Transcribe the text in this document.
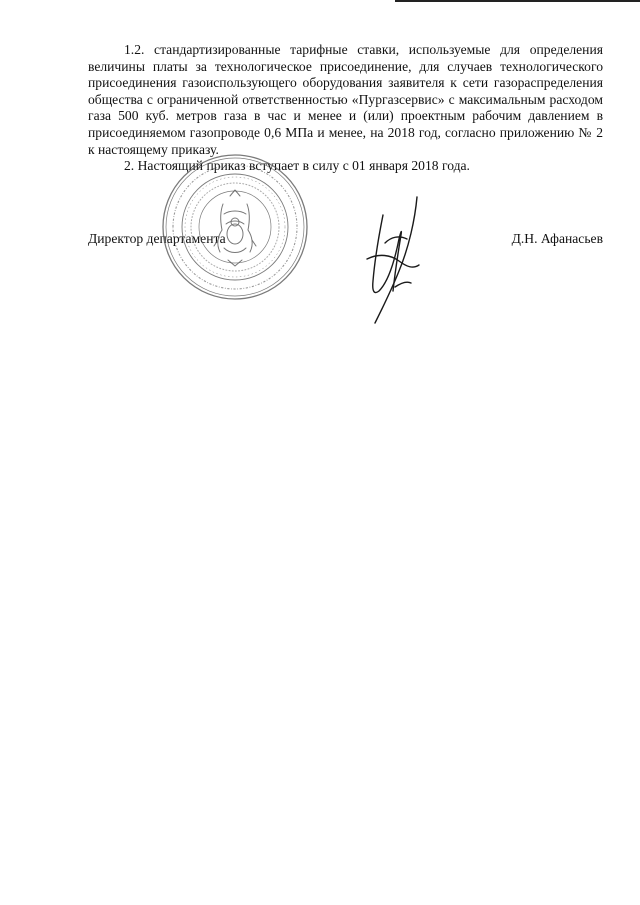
1.2. стандартизированные тарифные ставки, используемые для определения величины платы за технологическое присоединение, для случаев технологического присоединения газоиспользующего оборудования заявителя к сети газораспределения общества с ограниченной ответственностью «Пургазсервис» с максимальным расходом газа 500 куб. метров газа в час и менее и (или) проектным рабочим давлением в присоединяемом газопроводе 0,6 МПа и менее, на 2018 год, согласно приложению № 2 к настоящему приказу.

2. Настоящий приказ вступает в силу с 01 января 2018 года.

Директор департамента	Д.Н. Афанасьев
